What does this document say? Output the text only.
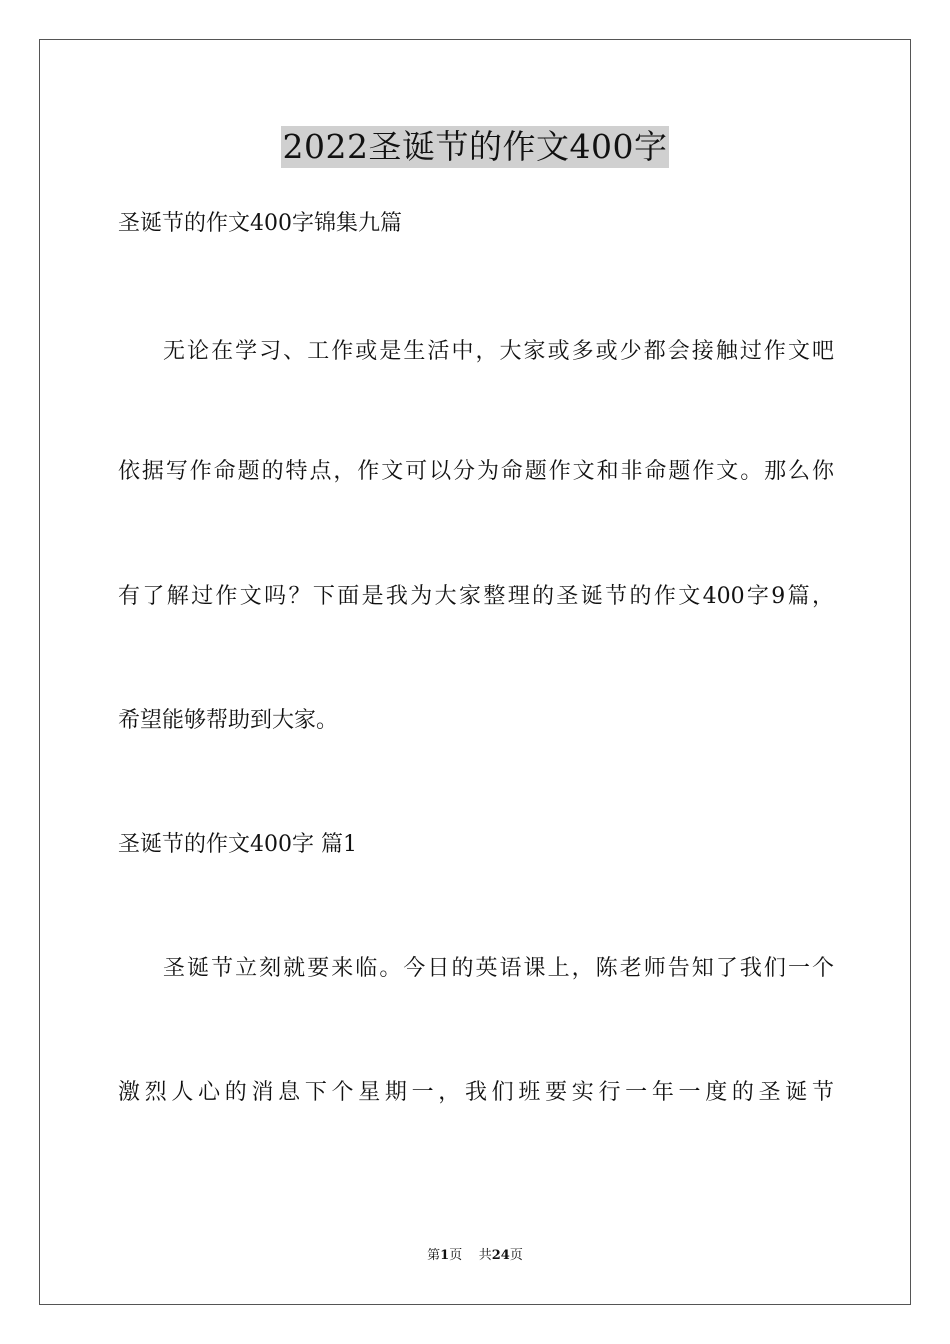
2022圣诞节的作文400字
圣诞节的作文400字锦集九篇
无论在学习、工作或是生活中，大家或多或少都会接触过作文吧
依据写作命题的特点，作文可以分为命题作文和非命题作文。那么你
有了解过作文吗？下面是我为大家整理的圣诞节的作文400字9篇，
希望能够帮助到大家。
圣诞节的作文400字 篇1
圣诞节立刻就要来临。今日的英语课上，陈老师告知了我们一个
激烈人心的消息下个星期一，我们班要实行一年一度的圣诞节
第1页 共24页
